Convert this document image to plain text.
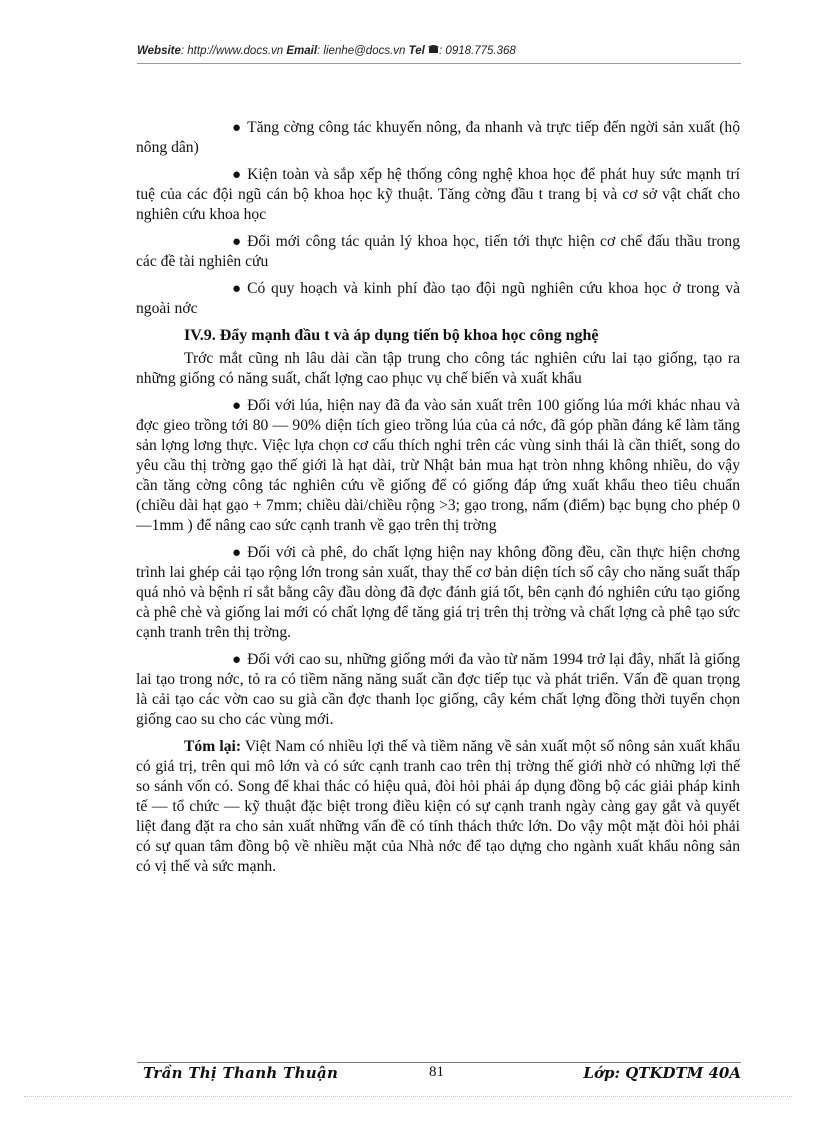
Website: http://www.docs.vn Email: lienhe@docs.vn Tel : 0918.775.368

● Tăng cờng công tác khuyến nông, đa nhanh và trực tiếp đến ngời sản xuất (hộ nông dân)

● Kiện toàn và sắp xếp hệ thống công nghệ khoa học để phát huy sức mạnh trí tuệ của các đội ngũ cán bộ khoa học kỹ thuật. Tăng cờng đầu t trang bị và cơ sở vật chất cho nghiên cứu khoa học

● Đổi mới công tác quản lý khoa học, tiến tới thực hiện cơ chế đấu thầu trong các đề tài nghiên cứu

● Có quy hoạch và kinh phí đào tạo đội ngũ nghiên cứu khoa học ở trong và ngoài nớc

IV.9. Đẩy mạnh đầu t và áp dụng tiến bộ khoa học công nghệ

Trớc mắt cũng nh lâu dài cần tập trung cho công tác nghiên cứu lai tạo giống, tạo ra những giống có năng suất, chất lợng cao phục vụ chế biến và xuất khẩu

● Đối với lúa, hiện nay đã đa vào sản xuất trên 100 giống lúa mới khác nhau và đợc gieo trồng tới 80 — 90% diện tích gieo trồng lúa của cả nớc, đã góp phần đáng kể làm tăng sản lợng lơng thực. Việc lựa chọn cơ cấu thích nghi trên các vùng sinh thái là cần thiết, song do yêu cầu thị trờng gạo thế giới là hạt dài, trừ Nhật bản mua hạt tròn nhng không nhiều, do vậy cần tăng cờng công tác nghiên cứu về giống để có giống đáp ứng xuất khẩu theo tiêu chuẩn (chiều dài hạt gạo + 7mm; chiều dài/chiều rộng >3; gạo trong, nấm (điểm) bạc bụng cho phép 0 —1mm ) để nâng cao sức cạnh tranh về gạo trên thị trờng

● Đối với cà phê, do chất lợng hiện nay không đồng đều, cần thực hiện chơng trình lai ghép cải tạo rộng lớn trong sản xuất, thay thế cơ bản diện tích số cây cho năng suất thấp quá nhỏ và bệnh rỉ sắt bằng cây đầu dòng đã đợc đánh giá tốt, bên cạnh đó nghiên cứu tạo giống cà phê chè và giống lai mới có chất lợng để tăng giá trị trên thị trờng và chất lợng cà phê tạo sức cạnh tranh trên thị trờng.

● Đối với cao su, những giống mới đa vào từ năm 1994 trở lại đây, nhất là giống lai tạo trong nớc, tỏ ra có tiềm năng năng suất cần đợc tiếp tục và phát triển. Vấn đề quan trọng là cải tạo các vờn cao su già cần đợc thanh lọc giống, cây kém chất lợng đồng thời tuyển chọn giống cao su cho các vùng mới.

Tóm lại: Việt Nam có nhiều lợi thế và tiềm năng về sản xuất một số nông sản xuất khẩu có giá trị, trên qui mô lớn và có sức cạnh tranh cao trên thị trờng thế giới nhờ có những lợi thế so sánh vốn có. Song để khai thác có hiệu quả, đòi hỏi phải áp dụng đồng bộ các giải pháp kinh tế — tổ chức — kỹ thuật đặc biệt trong điều kiện có sự cạnh tranh ngày càng gay gắt và quyết liệt đang đặt ra cho sản xuất những vấn đề có tính thách thức lớn. Do vậy một mặt đòi hỏi phải có sự quan tâm đồng bộ về nhiều mặt của Nhà nớc để tạo dựng cho ngành xuất khẩu nông sản có vị thế và sức mạnh.

Trần Thị Thanh Thuận	81	Lớp: QTKDTM 40A
